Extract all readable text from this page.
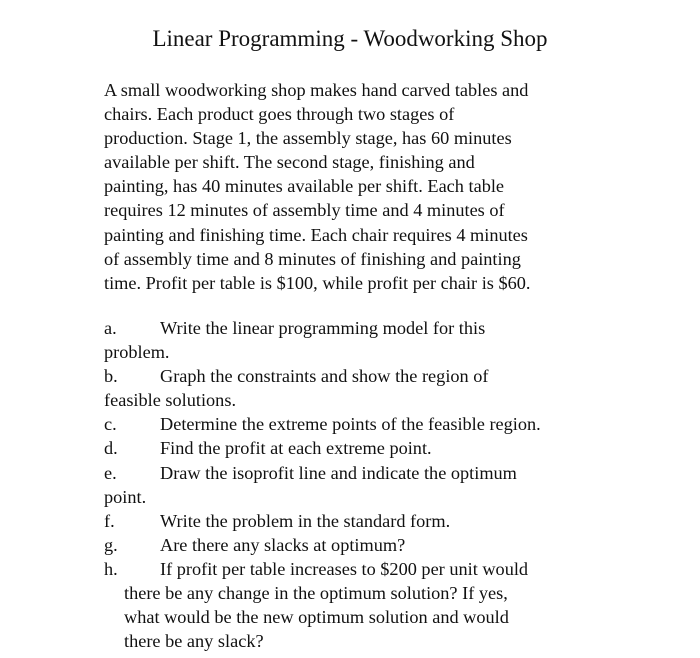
Linear Programming - Woodworking Shop
A small woodworking shop makes hand carved tables and
chairs. Each product goes through two stages of
production. Stage 1, the assembly stage, has 60 minutes
available per shift. The second stage, finishing and
painting, has 40 minutes available per shift. Each table
requires 12 minutes of assembly time and 4 minutes of
painting and finishing time. Each chair requires 4 minutes
of assembly time and 8 minutes of finishing and painting
time. Profit per table is $100, while profit per chair is $60.
a. Write the linear programming model for this
problem.
b. Graph the constraints and show the region of
feasible solutions.
c. Determine the extreme points of the feasible region.
d. Find the profit at each extreme point.
e. Draw the isoprofit line and indicate the optimum
point.
f. Write the problem in the standard form.
g. Are there any slacks at optimum?
h. If profit per table increases to $200 per unit would
there be any change in the optimum solution? If yes,
what would be the new optimum solution and would
there be any slack?
